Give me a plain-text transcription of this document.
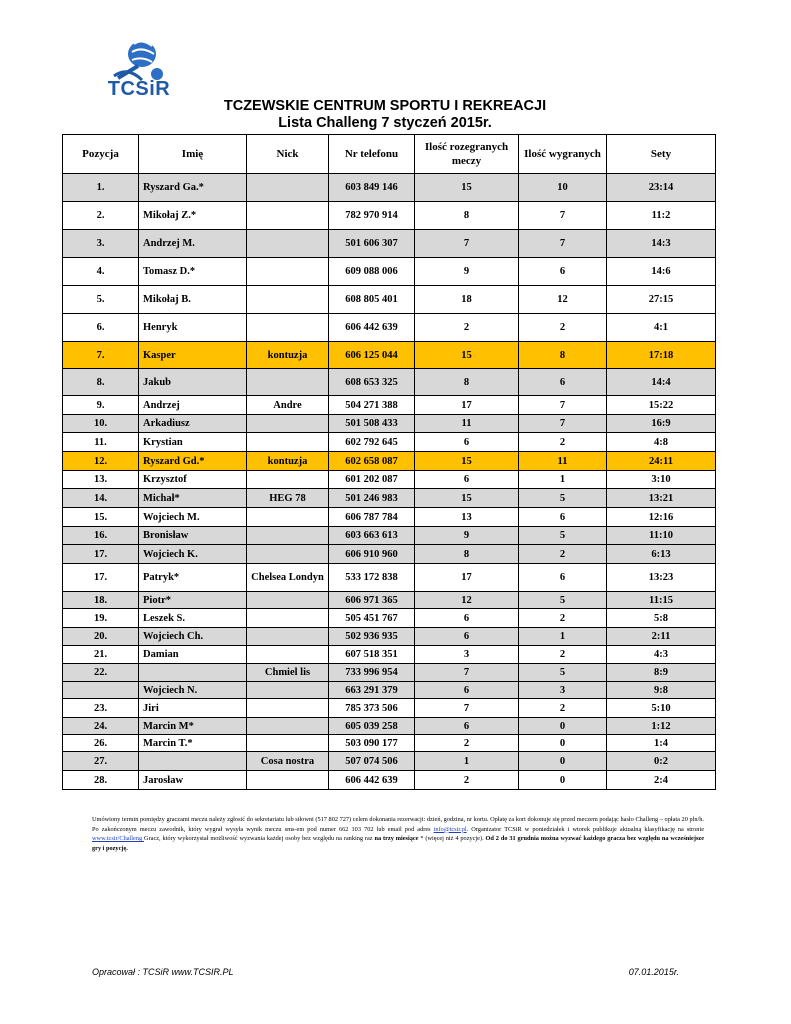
TCSiR
TCZEWSKIE CENTRUM SPORTU I REKREACJI
Lista Challeng 7 styczeń 2015r.
Pozycja	Imię	Nick	Nr telefonu	Ilość rozegranych meczy	Ilość wygranych	Sety
1.	Ryszard Ga.*		603 849 146	15	10	23:14
2.	Mikołaj Z.*		782 970 914	8	7	11:2
3.	Andrzej M.		501 606 307	7	7	14:3
4.	Tomasz D.*		609 088 006	9	6	14:6
5.	Mikołaj B.		608 805 401	18	12	27:15
6.	Henryk		606 442 639	2	2	4:1
7.	Kasper	kontuzja	606 125 044	15	8	17:18
8.	Jakub		608 653 325	8	6	14:4
9.	Andrzej	Andre	504 271 388	17	7	15:22
10.	Arkadiusz		501 508 433	11	7	16:9
11.	Krystian		602 792 645	6	2	4:8
12.	Ryszard Gd.*	kontuzja	602 658 087	15	11	24:11
13.	Krzysztof		601 202 087	6	1	3:10
14.	Michał*	HEG 78	501 246 983	15	5	13:21
15.	Wojciech M.		606 787 784	13	6	12:16
16.	Bronisław		603 663 613	9	5	11:10
17.	Wojciech K.		606 910 960	8	2	6:13
17.	Patryk*	Chelsea Londyn	533 172 838	17	6	13:23
18.	Piotr*		606 971 365	12	5	11:15
19.	Leszek S.		505 451 767	6	2	5:8
20.	Wojciech Ch.		502 936 935	6	1	2:11
21.	Damian		607 518 351	3	2	4:3
22.		Chmiel lis	733 996 954	7	5	8:9
	Wojciech N.		663 291 379	6	3	9:8
23.	Jiri		785 373 506	7	2	5:10
24.	Marcin M*		605 039 258	6	0	1:12
26.	Marcin T.*		503 090 177	2	0	1:4
27.		Cosa nostra	507 074 506	1	0	0:2
28.	Jarosław		606 442 639	2	0	2:4
Umówiony termin pomiędzy graczami meczu należy zgłosić do sekretariatu lub siłowni (517 802 727) celem dokonania rezerwacji: dzień, godzina, nr kortu. Opłatę za kort dokonuje się przed meczem podając hasło Challeng – opłata 20 pln/h. Po zakończonym meczu zawodnik, który wygrał wysyła wynik meczu sms-em pod numer 662 103 702 lub email pod adres info@tcsir.pl. Organizator TCSiR w poniedziałek i wtorek publikuje aktualną klasyfikację na stronie www.tcsir/Challeng Gracz, który wykorzystał możliwość wyzwania każdej osoby bez względu na ranking raz na trzy miesiące * (więcej niż 4 pozycje). Od 2 do 31 grudnia można wyzwać każdego gracza bez względu na wcześniejsze gry i pozycję.
Opracował : TCSiR www.TCSIR.PL	07.01.2015r.
